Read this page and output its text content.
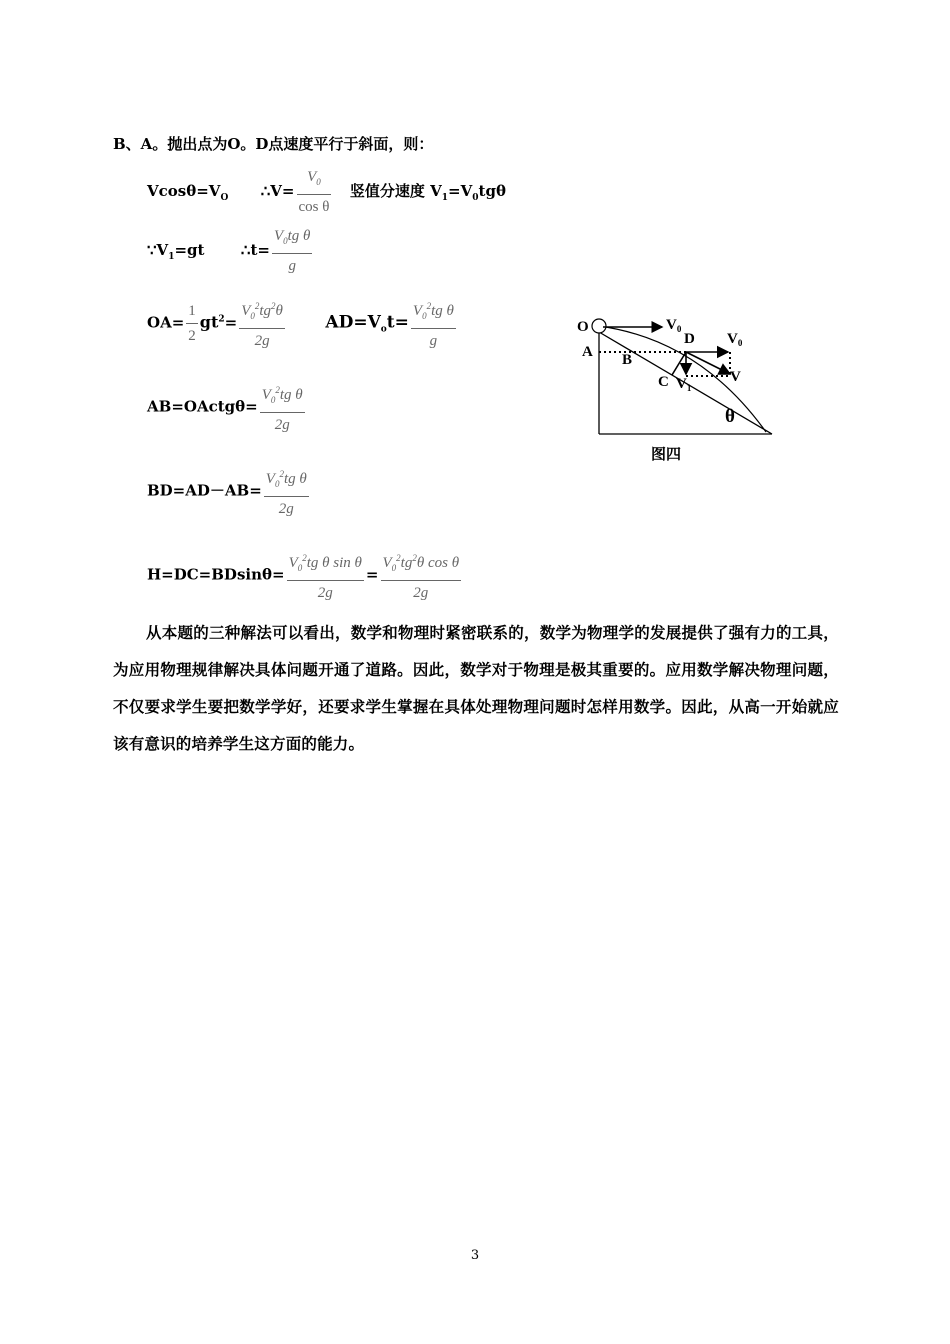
B、A。抛出点为O。D点速度平行于斜面，则：
$Vcos\theta=V_O$ ∴V= $\frac{V_0}{\text{cos θ}}$ 竖值分速度 $V_1=V_0tg\theta$
$\because V_1=gt$ ∴t= $\frac{V_0tg \theta}{g}$
$OA= \frac{1}{2} gt^2= \frac{V_0^2tg^2\theta}{2g} AD=V_ot= \frac{V_0^2tg \theta}{g}$
AB=OActgθ= $\frac{V_0^2tg \theta}{2g}$
$BD=AD-AB= \frac{V_0^2tg \theta}{2g}$
$H=DC=BDsin\theta= \frac{V_0^2tg \theta \sin \theta}{2g} = \frac{V_0^2tg^2\theta \cos \theta}{2g}$
O
A B
C
D
$V_0$
$V_0$
V
$V_1$
θ
图四
从本题的三种解法可以看出，数学和物理时紧密联系的，数学为物理学的发展提供了强有力的工具，为应用物理规律解决具体问题开通了道路。因此，数学对于物理是极其重要的。应用数学解决物理问题，不仅要求学生要把数学学好，还要求学生掌握在具体处理物理问题时怎样用数学。因此，从高一开始就应该有意识的培养学生这方面的能力。
3
